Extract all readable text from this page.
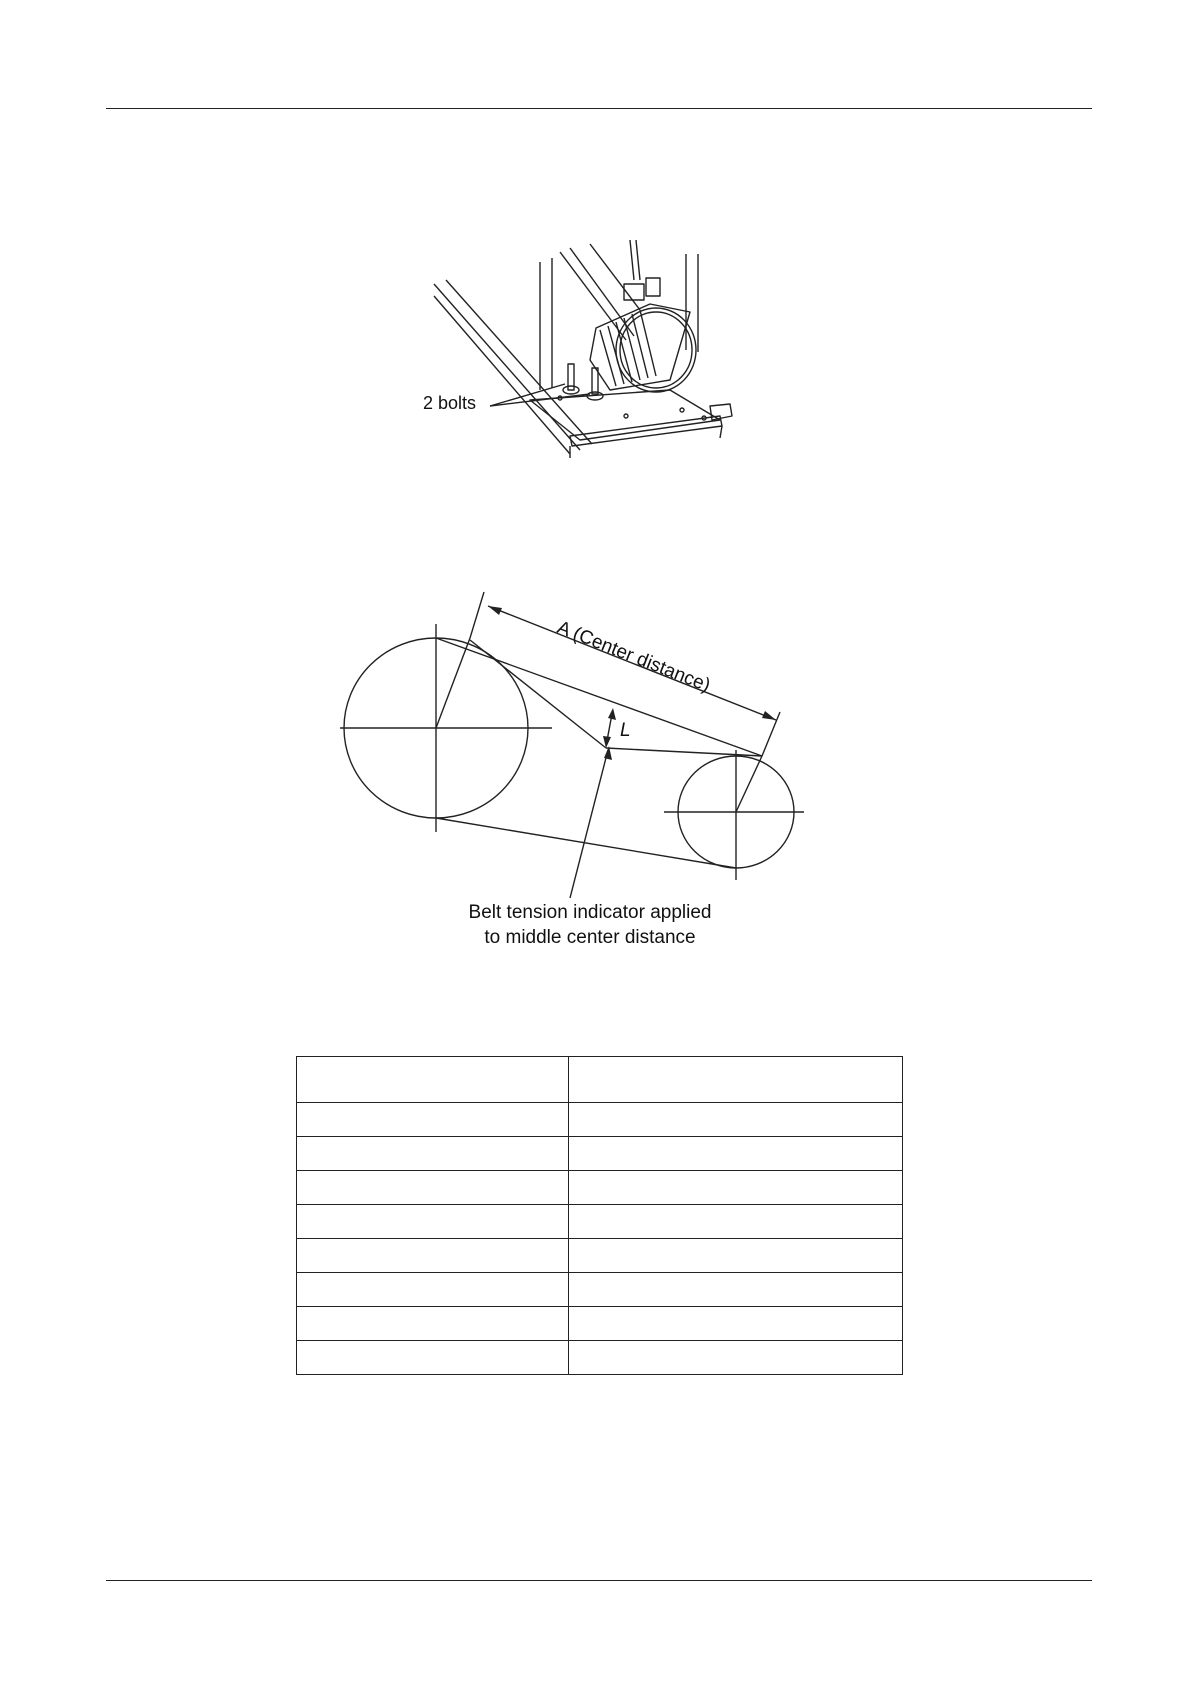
2 bolts
A (Center distance)
L
Belt tension indicator applied
to middle center distance
